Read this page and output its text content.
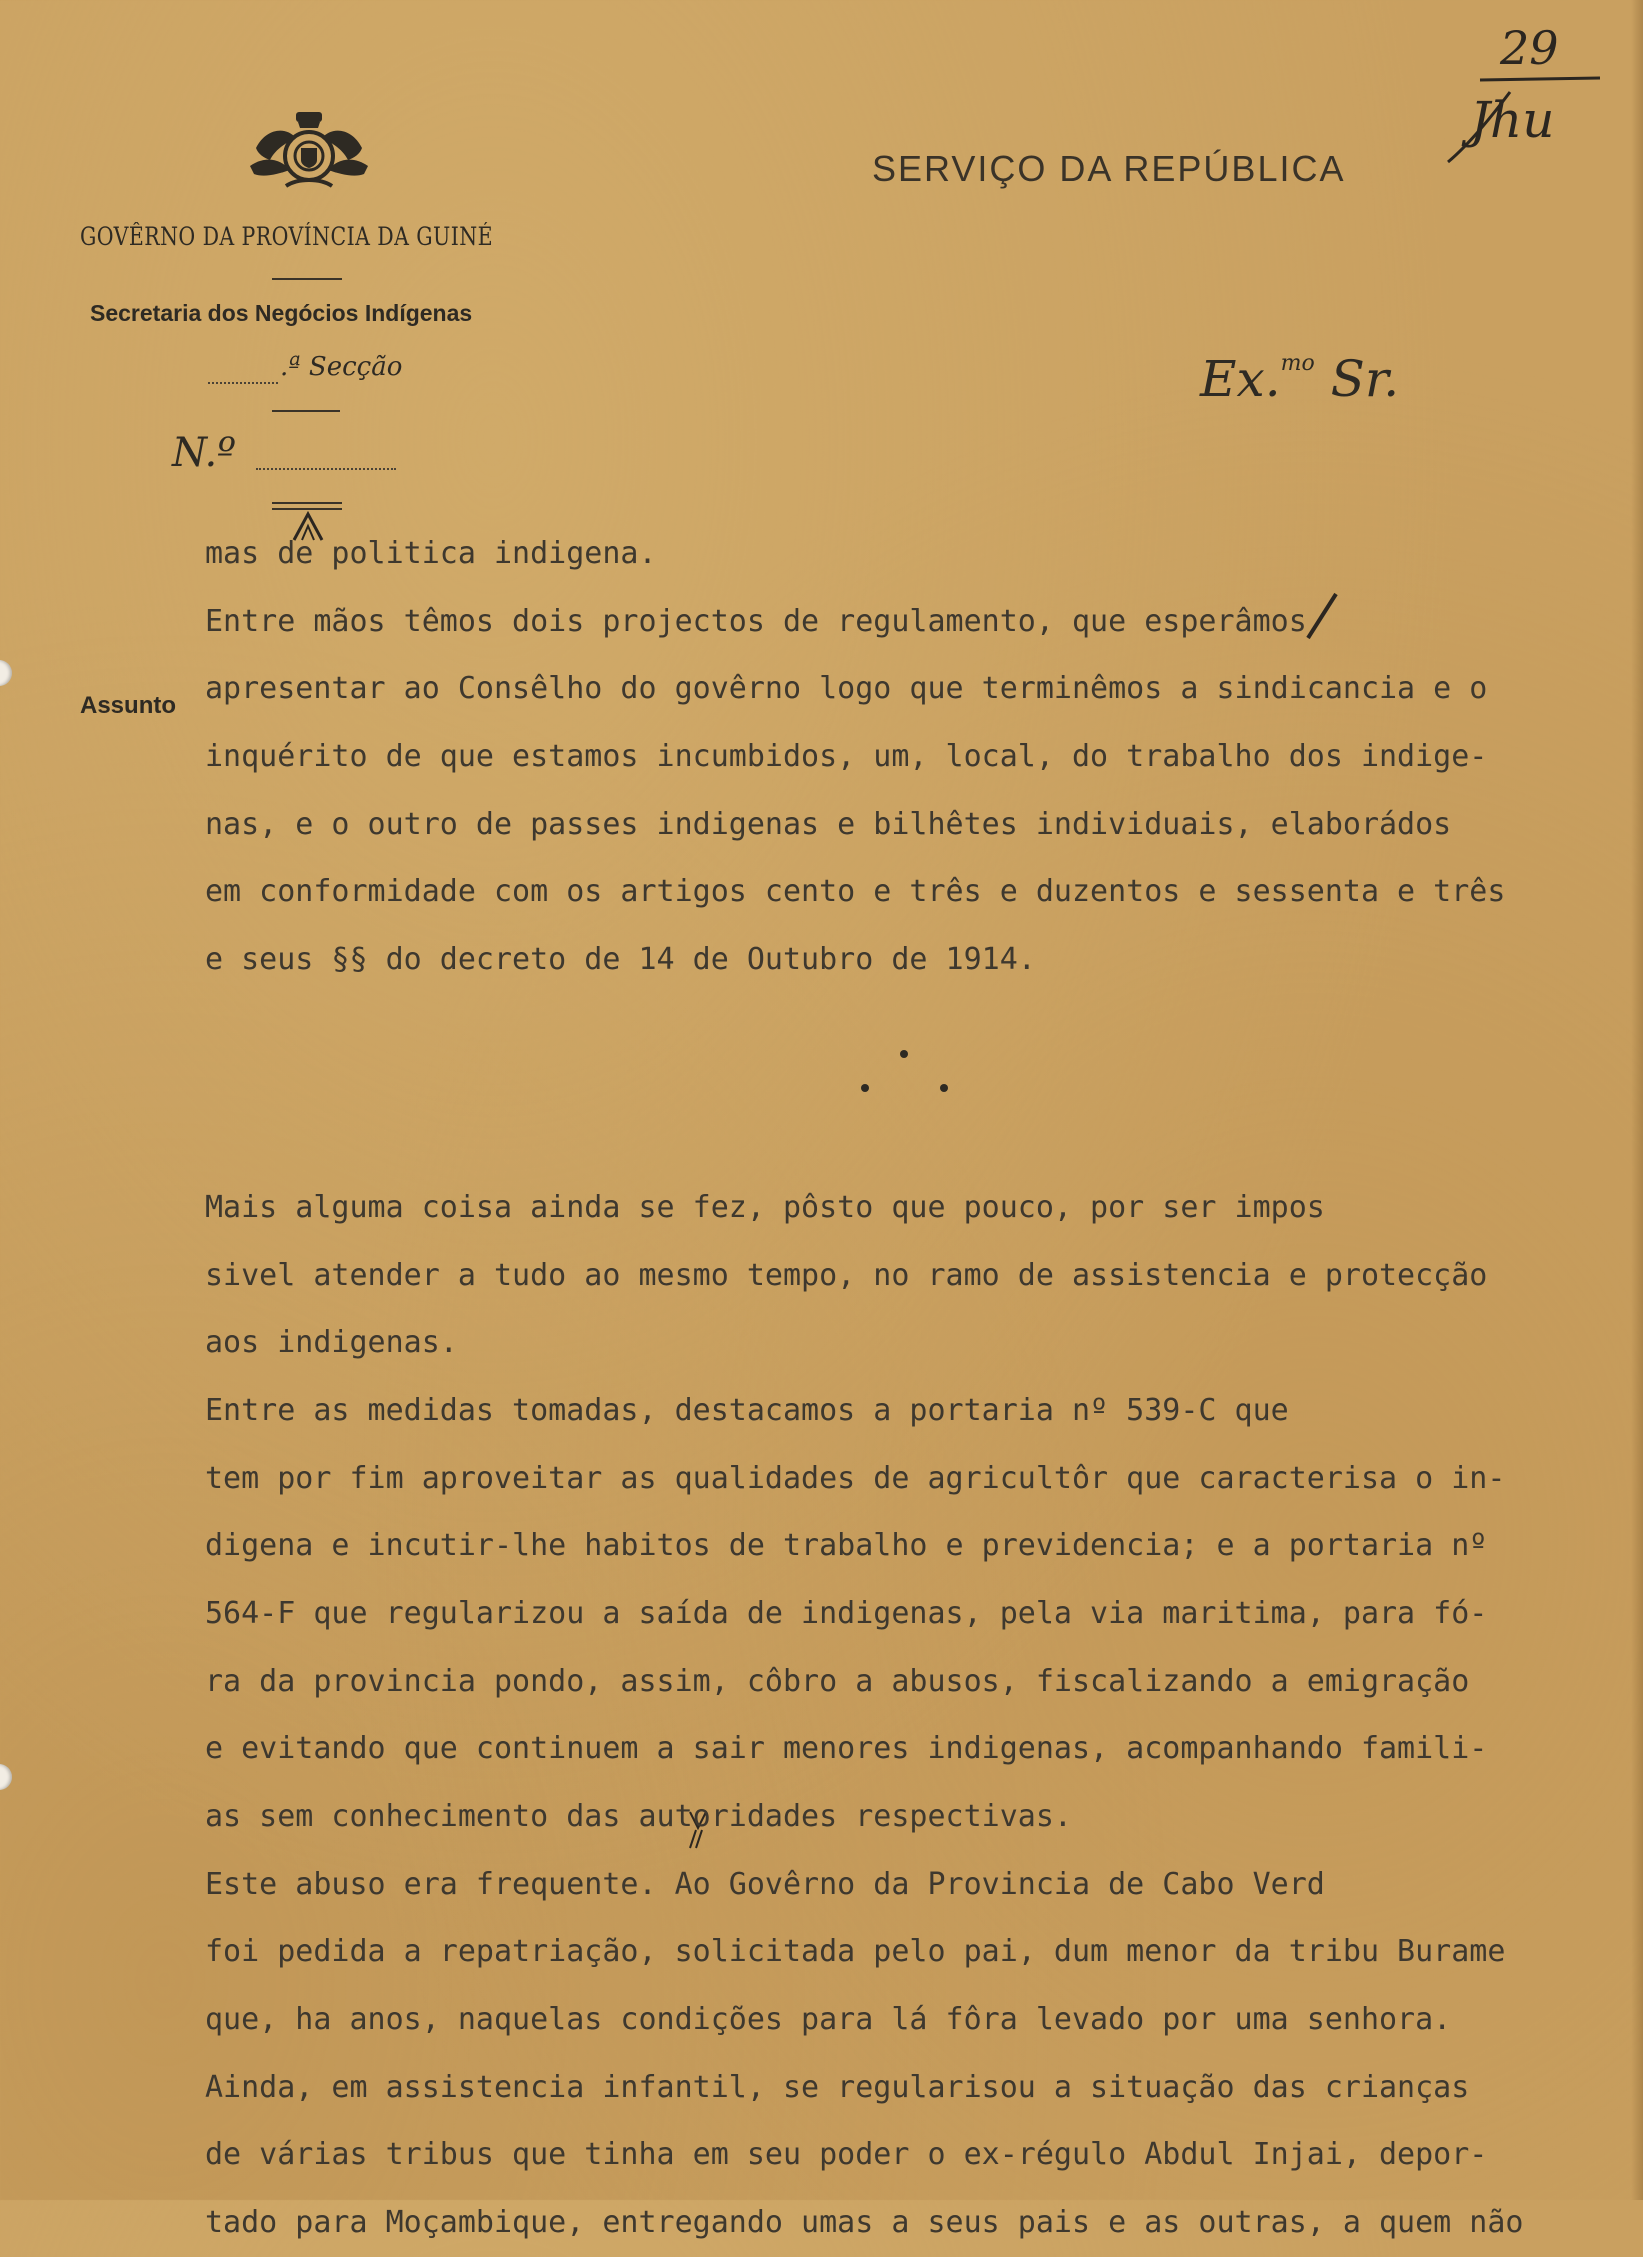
GOVÊRNO DA PROVÍNCIA DA GUINÉ
Secretaria dos Negócios Indígenas
.ª Secção
N.º
SERVIÇO DA REPÚBLICA
Ex.$^{mo}$ Sr.
29
Jhu
Assunto
mas de politica indigena.
Entre mãos têmos dois projectos de regulamento, que esperâmos
apresentar ao Consêlho do govêrno logo que terminêmos a sindicancia e o
inquérito de que estamos incumbidos, um, local, do trabalho dos indige-
nas, e o outro de passes indigenas e bilhêtes individuais, elaborádos
em conformidade com os artigos cento e três e duzentos e sessenta e três
e seus §§ do decreto de 14 de Outubro de 1914.
Mais alguma coisa ainda se fez, pôsto que pouco, por ser impos
sivel atender a tudo ao mesmo tempo, no ramo de assistencia e protecção
aos indigenas.
Entre as medidas tomadas, destacamos a portaria nº 539-C que
tem por fim aproveitar as qualidades de agricultôr que caracterisa o in-
digena e incutir-lhe habitos de trabalho e previdencia; e a portaria nº
564-F que regularizou a saída de indigenas, pela via maritima, para fó-
ra da provincia pondo, assim, côbro a abusos, fiscalizando a emigração
e evitando que continuem a sair menores indigenas, acompanhando famili-
as sem conhecimento das autoridades respectivas.
Este abuso era frequente. Ao Govêrno da Provincia de Cabo Verd
foi pedida a repatriação, solicitada pelo pai, dum menor da tribu Burame
que, ha anos, naquelas condições para lá fôra levado por uma senhora.
Ainda, em assistencia infantil, se regularisou a situação das crianças
de várias tribus que tinha em seu poder o ex-régulo Abdul Injai, depor-
tado para Moçambique, entregando umas a seus pais e as outras, a quem não
